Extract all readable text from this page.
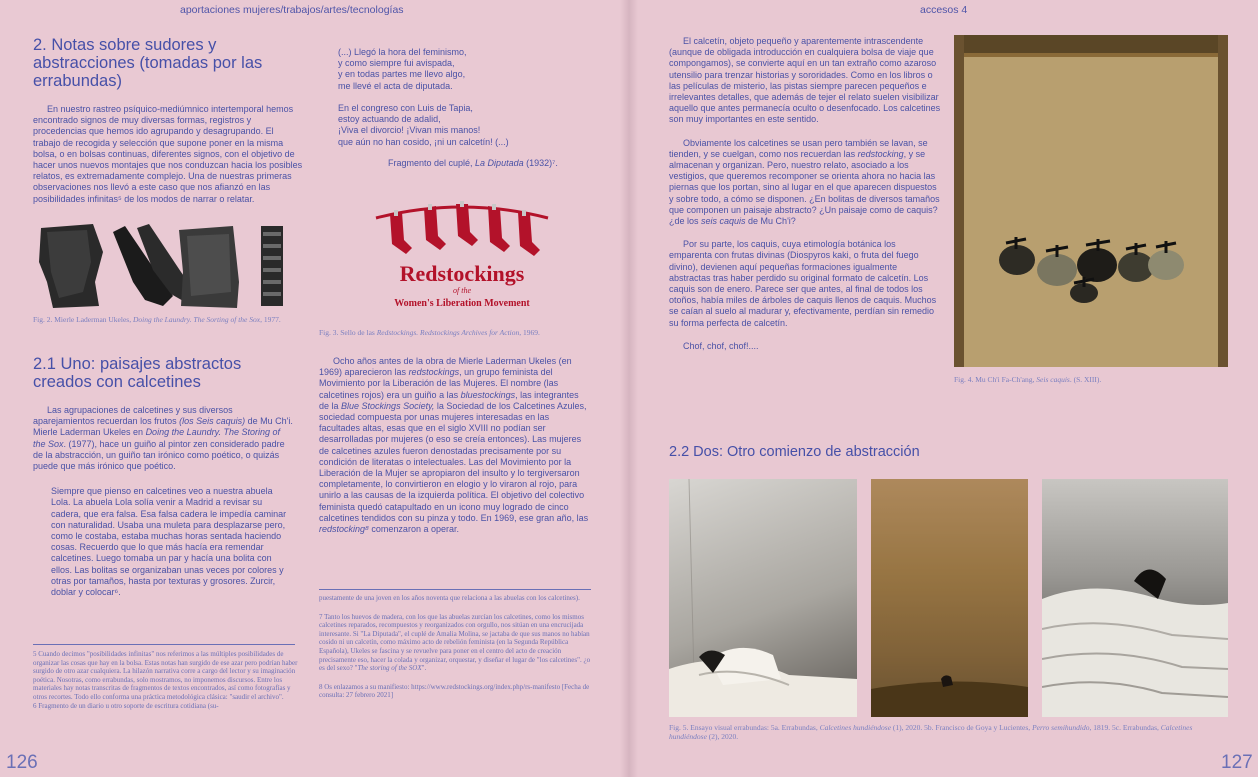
aportaciones mujeres/trabajos/artes/tecnologías
2. Notas sobre sudores y abstracciones (tomadas por las errabundas)

En nuestro rastreo psíquico-mediúmnico intertemporal hemos encontrado signos de muy diversas formas, registros y procedencias que hemos ido agrupando y desagrupando. El trabajo de recogida y selección que supone poner en la misma bolsa, o en bolsas continuas, diferentes signos, con el objetivo de hacer unos nuevos montajes que nos conduzcan hacia los posibles relatos, es extremadamente complejo. Una de nuestras primeras observaciones nos llevó a este caso que nos afianzó en las posibilidades infinitas⁵ de los modos de narrar o relatar.

Fig. 2. Mierle Laderman Ukeles, Doing the Laundry. The Sorting of the Sox, 1977.
2.1 Uno: paisajes abstractos creados con calcetines

Las agrupaciones de calcetines y sus diversos aparejamientos recuerdan los frutos (los Seis caquis) de Mu Ch'i. Mierle Laderman Ukeles en Doing the Laundry. The Storing of the Sox. (1977), hace un guiño al pintor zen considerado padre de la abstracción, un guiño tan irónico como poético, o quizás puede que más irónico que poético.

Siempre que pienso en calcetines veo a nuestra abuela Lola. La abuela Lola solía venir a Madrid a revisar su cadera, que era falsa. Esa falsa cadera le impedía caminar con naturalidad. Usaba una muleta para desplazarse pero, como le costaba, estaba muchas horas sentada haciendo cosas. Recuerdo que lo que más hacía era remendar calcetines. Luego tomaba un par y hacía una bolita con ellos. Las bolitas se organizaban unas veces por colores y otras por tamaños, hasta por texturas y grosores. Zurcir, doblar y colocar⁶.

5 Cuando decimos "posibilidades infinitas" nos referimos a las múltiples posibilidades de organizar las cosas que hay en la bolsa. Estas notas han surgido de ese azar pero podrían haber surgido de otro azar cualquiera. La hilazón narrativa corre a cargo del lector y su imaginación poética. Nosotras, como errabundas, solo mostramos, no imponemos discursos. Entre los materiales hay notas transcritas de fragmentos de textos encontrados, así como fotografías y otros recortes. Todo ello conforma una práctica metodológica clásica: "saudir el archivo".

6 Fragmento de un diario u otro soporte de escritura cotidiana (su-

(...) Llegó la hora del feminismo,
y como siempre fui avispada,
y en todas partes me llevo algo,
me llevé el acta de diputada.

En el congreso con Luis de Tapia,
estoy actuando de adalid,
¡Viva el divorcio! ¡Vivan mis manos!
que aún no han cosido, ¡ni un calcetín! (...)

Fragmento del cuplé, La Diputada (1932)⁷.

Redstockings
of the
Women's Liberation Movement
Fig. 3. Sello de las Redstockings. Redstockings Archives for Action, 1969.

Ocho años antes de la obra de Mierle Laderman Ukeles (en 1969) aparecieron las redstockings, un grupo feminista del Movimiento por la Liberación de las Mujeres. El nombre (las calcetines rojos) era un guiño a las bluestockings, las integrantes de la Blue Stockings Society, la Sociedad de los Calcetines Azules, sociedad compuesta por unas mujeres interesadas en las facultades altas, esas que en el siglo XVIII no podían ser desarrolladas por mujeres (o eso se creía entonces). Las mujeres de calcetines azules fueron denostadas precisamente por su condición de literatas o intelectuales. Las del Movimiento por la Liberación de la Mujer se apropiaron del insulto y lo tergiversaron completamente, lo convirtieron en elogio y lo viraron al rojo, para unirlo a las causas de la izquierda política. El objetivo del colectivo feminista quedó catapultado en un icono muy logrado de cinco calcetines tendidos con su pinza y todo. En 1969, ese gran año, las redstocking⁸ comenzaron a operar.

puestamente de una joven en los años noventa que relaciona a las abuelas con los calcetines).

7 Tanto los huevos de madera, con los que las abuelas zurcían los calcetines, como los mismos calcetines reparados, recompuestos y reorganizados con orgullo, nos sitúan en una encrucijada interesante. Si "La Diputada", el cuplé de Amalia Molina, se jactaba de que sus manos no habían cosido ni un calcetín, como máximo acto de rebelión feminista (en la Segunda República Española), Ukeles se fascina y se revuelve para poner en el centro del acto de creación precisamente eso, hacer la colada y organizar, orquestar, y diseñar el lugar de "los calcetines". ¿o es del sexo? "The storing of the SOX".

8 Os enlazamos a su manifiesto: https://www.redstockings.org/index.php/rs-manifesto [Fecha de consulta: 27 febrero 2021]

126
accesos 4

El calcetín, objeto pequeño y aparentemente intrascendente (aunque de obligada introducción en cualquiera bolsa de viaje que compongamos), se convierte aquí en un tan extraño como azaroso utensilio para trenzar historias y sororidades. Como en los libros o las películas de misterio, las pistas siempre parecen pequeños e irrelevantes detalles, que además de tejer el relato suelen visibilizar aquello que antes permanecía oculto o desenfocado. Los calcetines son muy importantes en este sentido.

Obviamente los calcetines se usan pero también se lavan, se tienden, y se cuelgan, como nos recuerdan las redstocking, y se almacenan y organizan. Pero, nuestro relato, asociado a los vestigios, que queremos recomponer se orienta ahora no hacia las piernas que los portan, sino al lugar en el que aparecen dispuestos y sobre todo, a cómo se disponen. ¿En bolitas de diversos tamaños que componen un paisaje abstracto? ¿Un paisaje como de caquis? ¿de los seis caquis de Mu Ch'i?

Por su parte, los caquis, cuya etimología botánica los emparenta con frutas divinas (Diospyros kaki, o fruta del fuego divino), devienen aquí pequeñas formaciones igualmente abstractas tras haber perdido su original formato de calcetín. Los caquis son de enero. Parece ser que antes, al final de todos los otoños, había miles de árboles de caquis llenos de caquis. Muchos se caían al suelo al madurar y, efectivamente, perdían sin remedio su forma perfecta de calcetín.

Chof, chof, chof!....

Fig. 4. Mu Ch'i Fa-Ch'ang, Seis caquis. (S. XIII).
2.2 Dos: Otro comienzo de abstracción
Fig. 5. Ensayo visual errabundas: 5a. Errabundas, Calcetines hundiéndose (1), 2020. 5b. Francisco de Goya y Lucientes, Perro semihundido, 1819. 5c. Errabundas, Calcetines hundiéndose (2), 2020.
127
